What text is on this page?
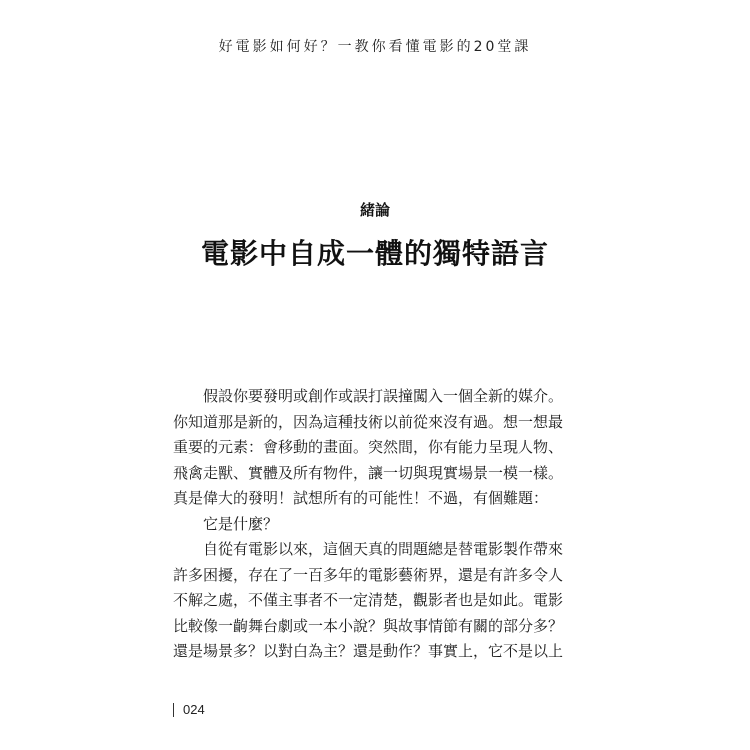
好電影如何好？一教你看懂電影的20堂課
緒論
電影中自成一體的獨特語言
假設你要發明或創作或誤打誤撞闖入一個全新的媒介。
你知道那是新的，因為這種技術以前從來沒有過。想一想最
重要的元素：會移動的畫面。突然間，你有能力呈現人物、
飛禽走獸、實體及所有物件，讓一切與現實場景一模一樣。
真是偉大的發明！試想所有的可能性！不過，有個難題：
它是什麼？
自從有電影以來，這個天真的問題總是替電影製作帶來
許多困擾，存在了一百多年的電影藝術界，還是有許多令人
不解之處，不僅主事者不一定清楚，觀影者也是如此。電影
比較像一齣舞台劇或一本小說？與故事情節有關的部分多？
還是場景多？以對白為主？還是動作？事實上，它不是以上
024
